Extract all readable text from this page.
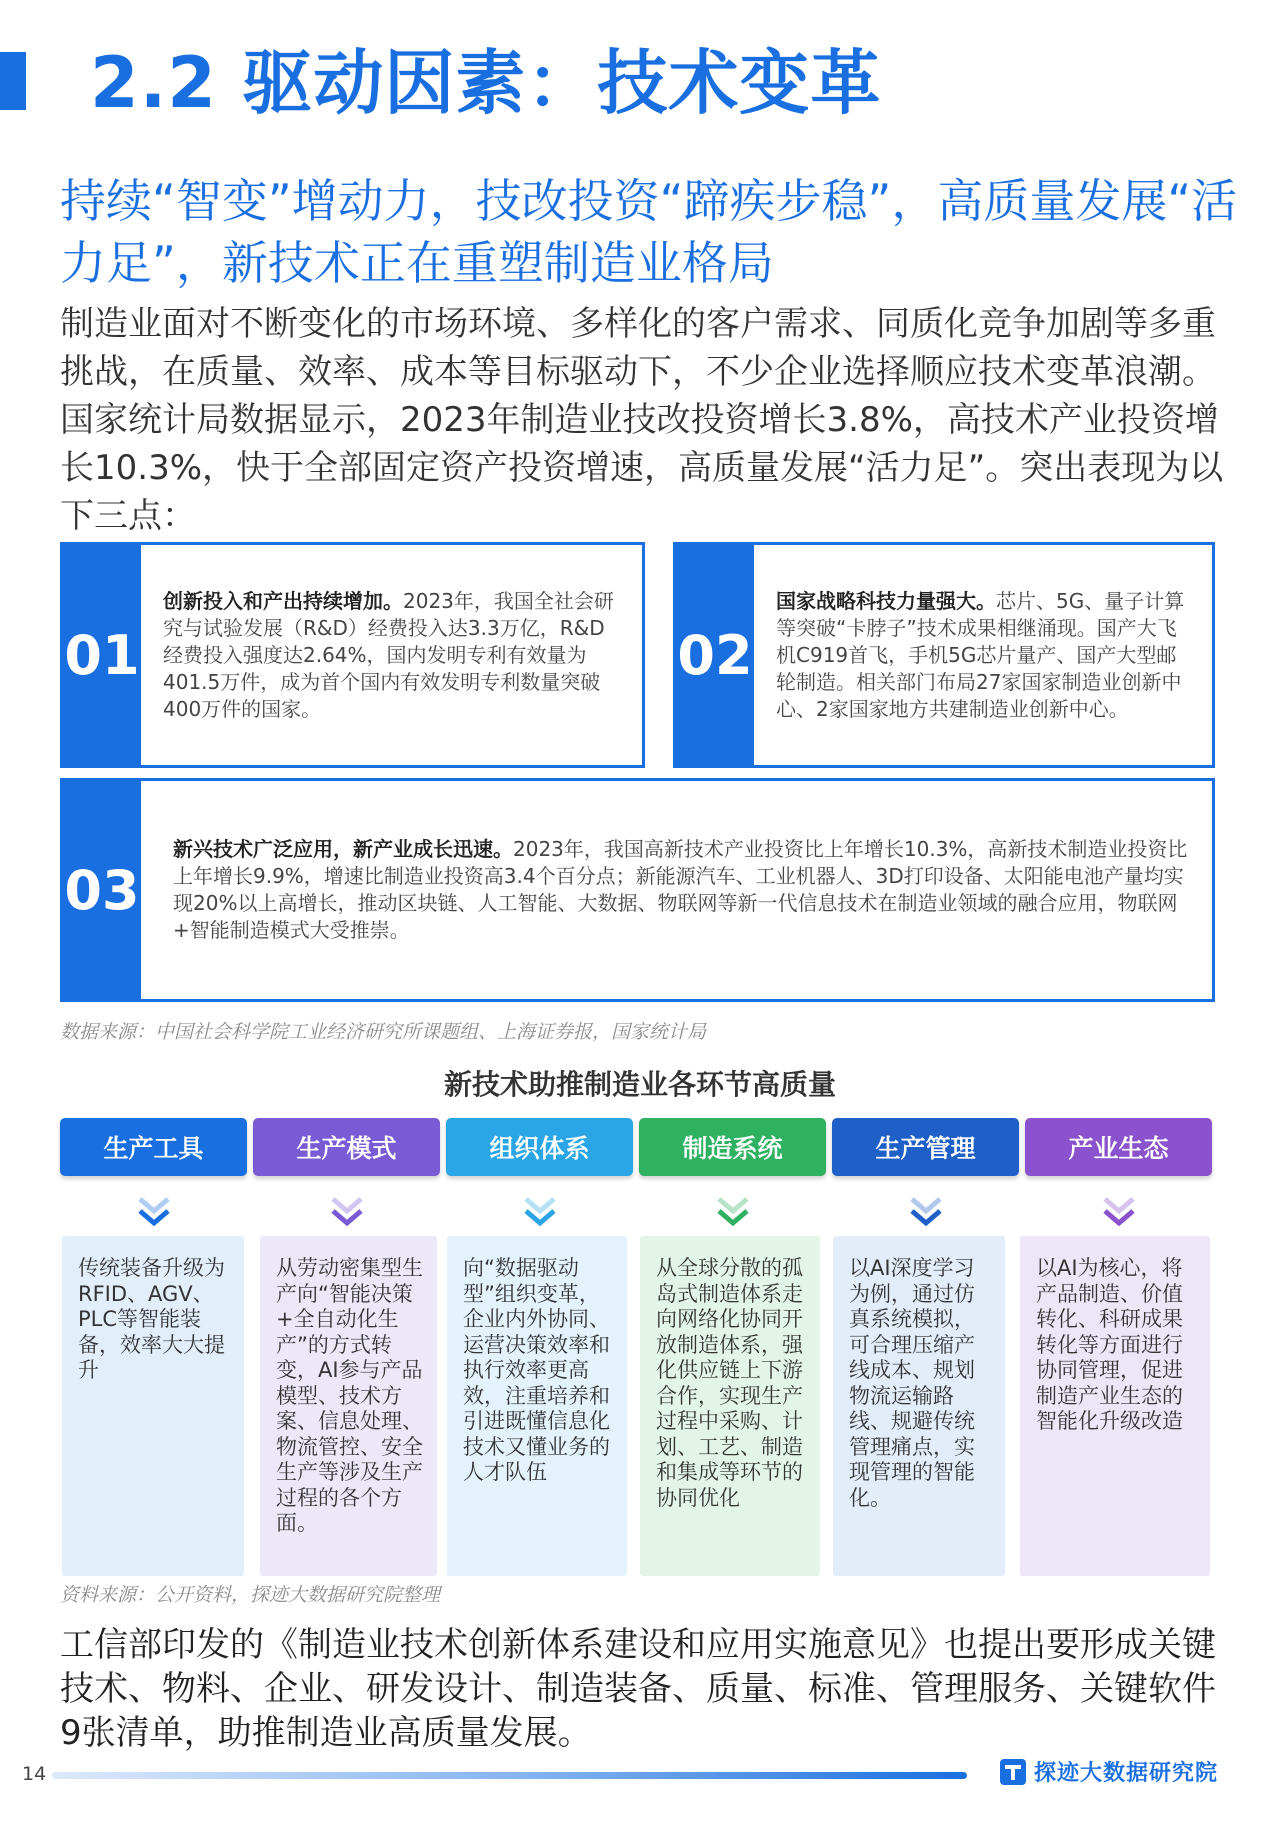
2.2 驱动因素：技术变革
持续“智变”增动力，技改投资“蹄疾步稳”，高质量发展“活力足”，新技术正在重塑制造业格局
制造业面对不断变化的市场环境、多样化的客户需求、同质化竞争加剧等多重挑战，在质量、效率、成本等目标驱动下，不少企业选择顺应技术变革浪潮。国家统计局数据显示，2023年制造业技改投资增长3.8%，高技术产业投资增长10.3%，快于全部固定资产投资增速，高质量发展“活力足”。突出表现为以下三点：
01
创新投入和产出持续增加。2023年，我国全社会研究与试验发展（R&D）经费投入达3.3万亿，R&D经费投入强度达2.64%，国内发明专利有效量为401.5万件，成为首个国内有效发明专利数量突破400万件的国家。
02
国家战略科技力量强大。芯片、5G、量子计算等突破“卡脖子”技术成果相继涌现。国产大飞机C919首飞，手机5G芯片量产、国产大型邮轮制造。相关部门布局27家国家制造业创新中心、2家国家地方共建制造业创新中心。
03
新兴技术广泛应用，新产业成长迅速。2023年，我国高新技术产业投资比上年增长10.3%，高新技术制造业投资比上年增长9.9%，增速比制造业投资高3.4个百分点；新能源汽车、工业机器人、3D打印设备、太阳能电池产量均实现20%以上高增长，推动区块链、人工智能、大数据、物联网等新一代信息技术在制造业领域的融合应用，物联网+智能制造模式大受推崇。
数据来源：中国社会科学院工业经济研究所课题组、上海证券报，国家统计局
新技术助推制造业各环节高质量
生产工具
传统装备升级为RFID、AGV、PLC等智能装备，效率大大提升
生产模式
从劳动密集型生产向“智能决策+全自动化生产”的方式转变，AI参与产品模型、技术方案、信息处理、物流管控、安全生产等涉及生产过程的各个方面。
组织体系
向“数据驱动型”组织变革，企业内外协同、运营决策效率和执行效率更高效，注重培养和引进既懂信息化技术又懂业务的人才队伍
制造系统
从全球分散的孤岛式制造体系走向网络化协同开放制造体系，强化供应链上下游合作，实现生产过程中采购、计划、工艺、制造和集成等环节的协同优化
生产管理
以AI深度学习为例，通过仿真系统模拟，可合理压缩产线成本、规划物流运输路线、规避传统管理痛点，实现管理的智能化。
产业生态
以AI为核心，将产品制造、价值转化、科研成果转化等方面进行协同管理，促进制造产业生态的智能化升级改造
资料来源：公开资料，探迹大数据研究院整理
工信部印发的《制造业技术创新体系建设和应用实施意见》也提出要形成关键技术、物料、企业、研发设计、制造装备、质量、标准、管理服务、关键软件9张清单，助推制造业高质量发展。
14	探迹大数据研究院
